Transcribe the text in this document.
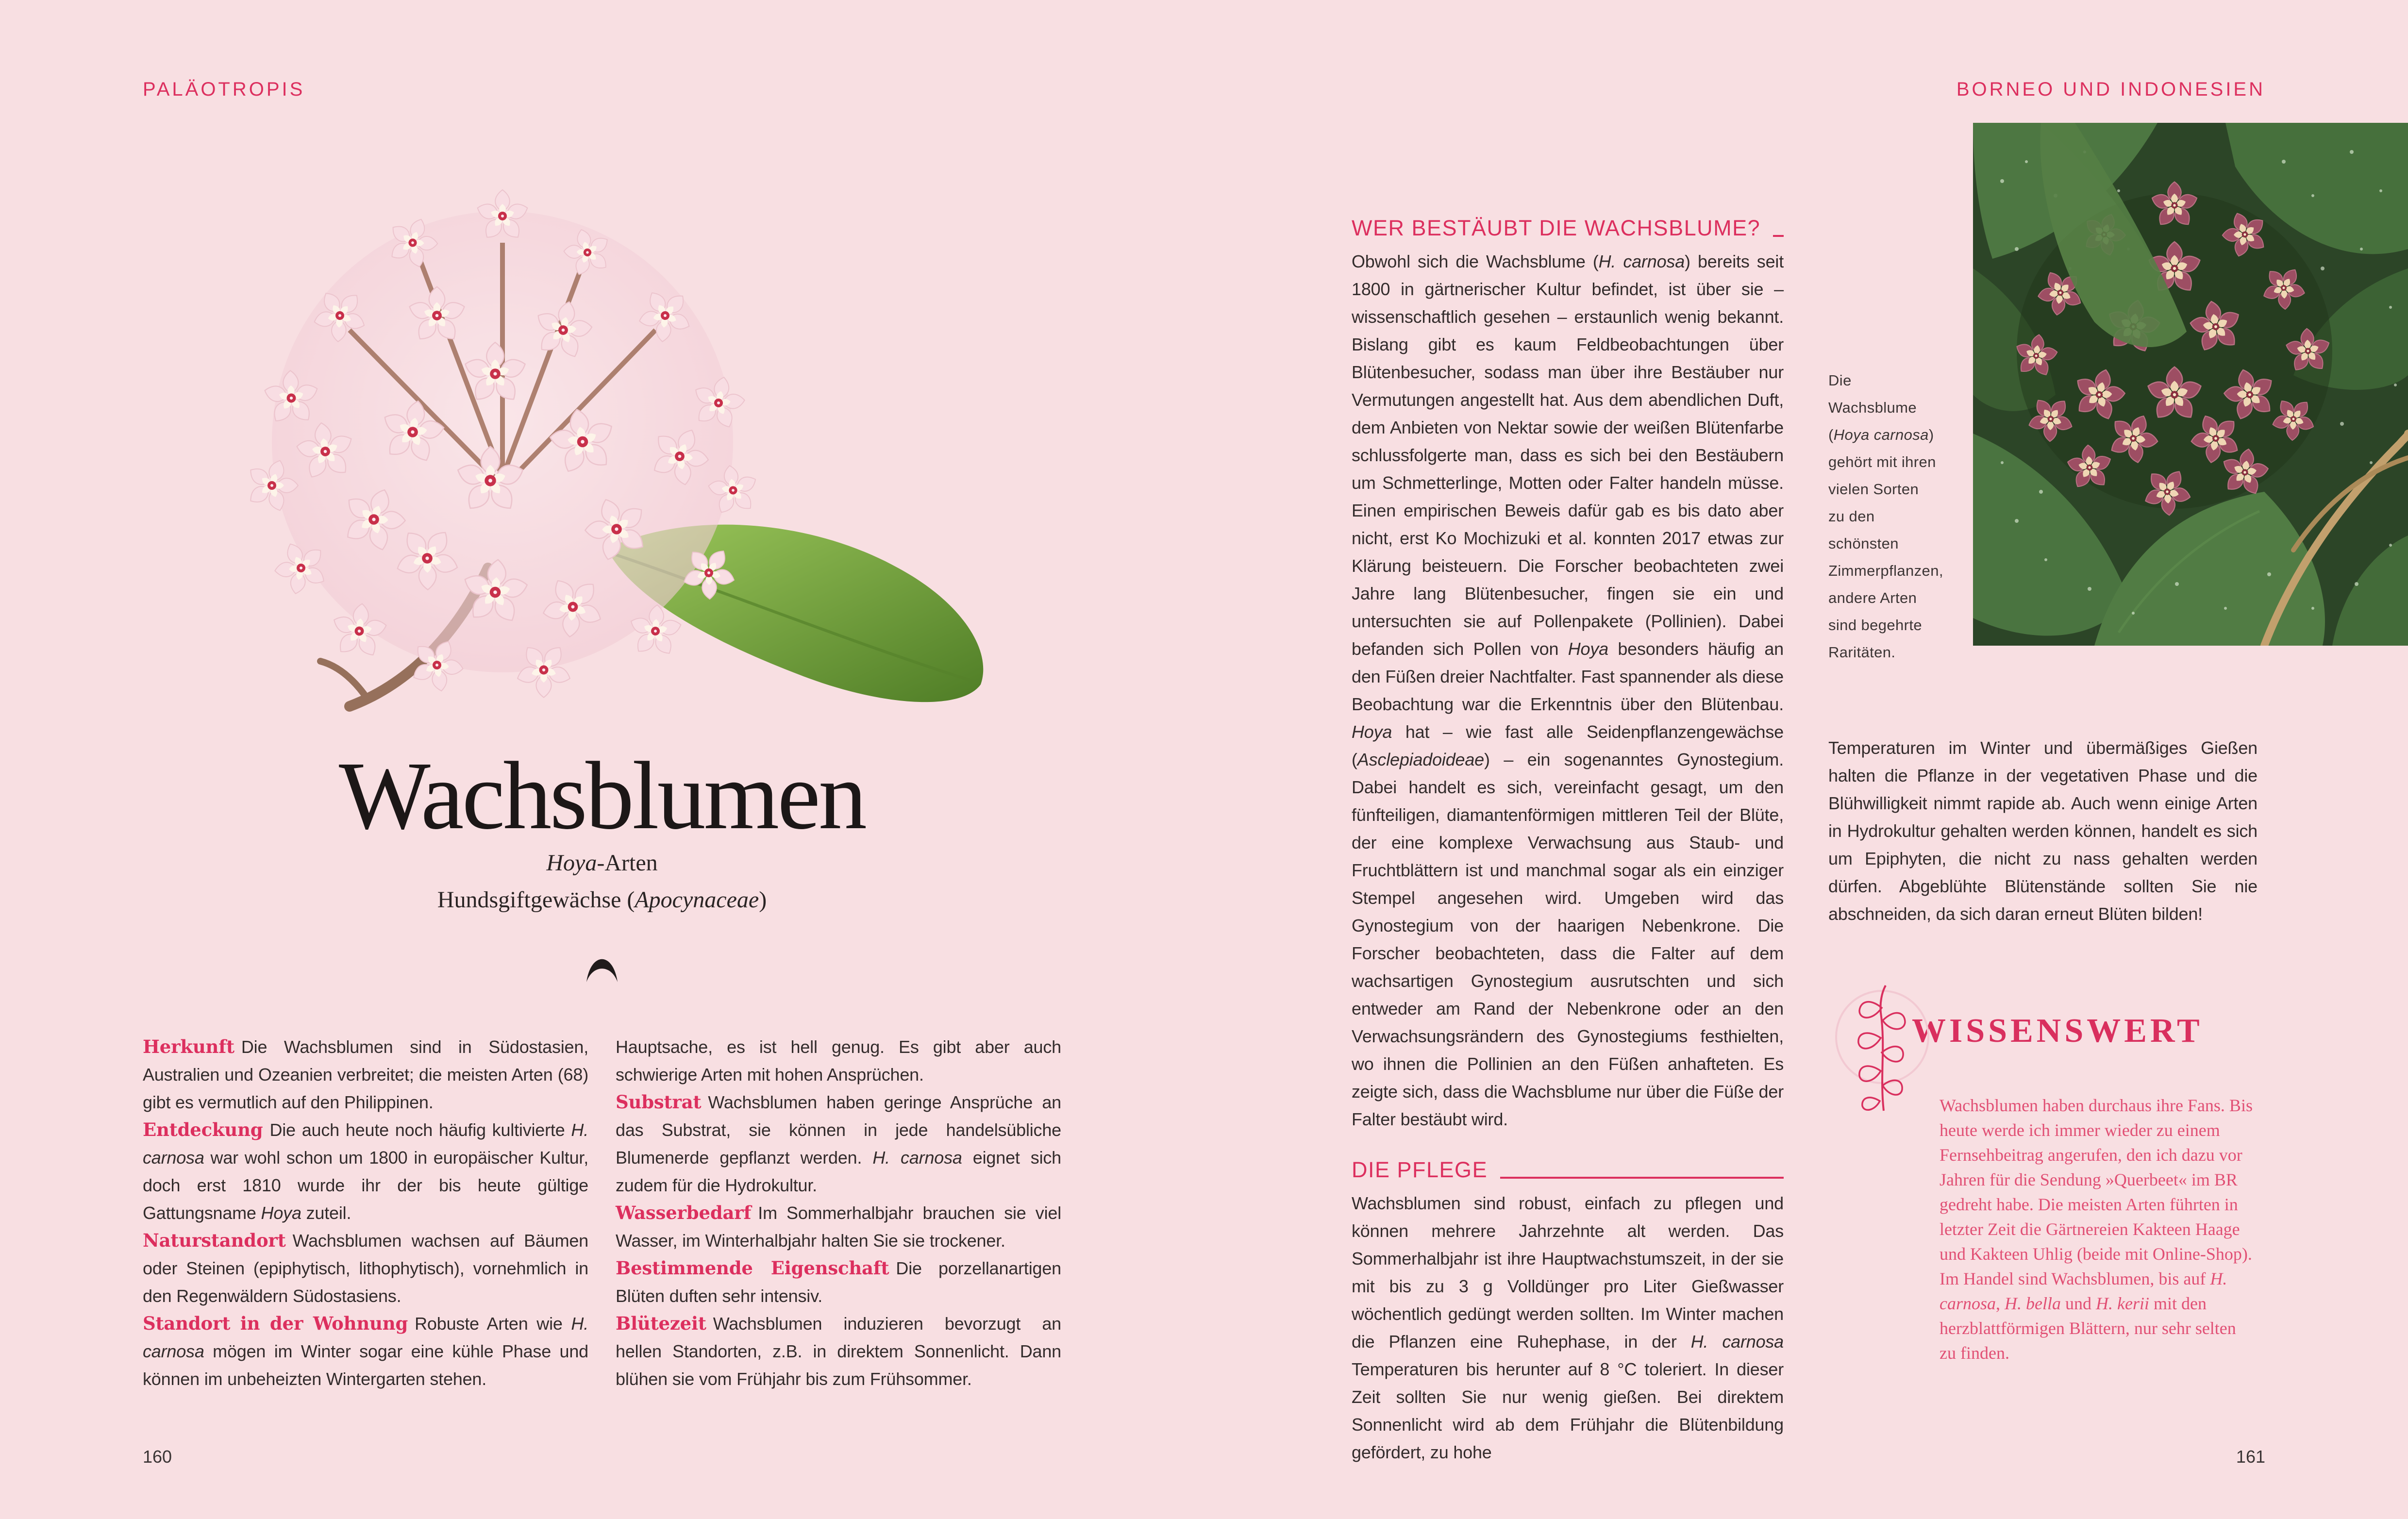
PALÄOTROPIS	BORNEO UND INDONESIEN
Wachsblumen
Hoya-Arten
Hundsgiftgewächse (Apocynaceae)

Herkunft Die Wachsblumen sind in Südostasien, Australien und Ozeanien verbreitet; die meisten Arten (68) gibt es vermutlich auf den Philippinen.

Entdeckung Die auch heute noch häufig kultivierte H. carnosa war wohl schon um 1800 in europäischer Kultur, doch erst 1810 wurde ihr der bis heute gültige Gattungsname Hoya zuteil.

Naturstandort Wachsblumen wachsen auf Bäumen oder Steinen (epiphytisch, lithophytisch), vornehmlich in den Regenwäldern Südostasiens.

Standort in der Wohnung Robuste Arten wie H. carnosa mögen im Winter sogar eine kühle Phase und können im unbeheizten Wintergarten stehen.

Hauptsache, es ist hell genug. Es gibt aber auch schwierige Arten mit hohen Ansprüchen.

Substrat Wachsblumen haben geringe Ansprüche an das Substrat, sie können in jede handelsübliche Blumenerde gepflanzt werden. H. carnosa eignet sich zudem für die Hydrokultur.

Wasserbedarf Im Sommerhalbjahr brauchen sie viel Wasser, im Winterhalbjahr halten Sie sie trockener.

Bestimmende Eigenschaft Die porzellanartigen Blüten duften sehr intensiv.

Blütezeit Wachsblumen induzieren bevorzugt an hellen Standorten, z.B. in direktem Sonnenlicht. Dann blühen sie vom Frühjahr bis zum Frühsommer.

WER BESTÄUBT DIE WACHSBLUME?

Obwohl sich die Wachsblume (H. carnosa) bereits seit 1800 in gärtnerischer Kultur befindet, ist über sie – wissenschaftlich gesehen – erstaunlich wenig bekannt. Bislang gibt es kaum Feldbeobachtungen über Blütenbesucher, sodass man über ihre Bestäuber nur Vermutungen angestellt hat. Aus dem abendlichen Duft, dem Anbieten von Nektar sowie der weißen Blütenfarbe schlussfolgerte man, dass es sich bei den Bestäubern um Schmetterlinge, Motten oder Falter handeln müsse. Einen empirischen Beweis dafür gab es bis dato aber nicht, erst Ko Mochizuki et al. konnten 2017 etwas zur Klärung beisteuern. Die Forscher beobachteten zwei Jahre lang Blütenbesucher, fingen sie ein und untersuchten sie auf Pollenpakete (Pollinien). Dabei befanden sich Pollen von Hoya besonders häufig an den Füßen dreier Nachtfalter. Fast spannender als diese Beobachtung war die Erkenntnis über den Blütenbau. Hoya hat – wie fast alle Seidenpflanzengewächse (Asclepiadoideae) – ein sogenanntes Gynostegium. Dabei handelt es sich, vereinfacht gesagt, um den fünfteiligen, diamantenförmigen mittleren Teil der Blüte, der eine komplexe Verwachsung aus Staub- und Fruchtblättern ist und manchmal sogar als ein einziger Stempel angesehen wird. Umgeben wird das Gynostegium von der haarigen Nebenkrone. Die Forscher beobachteten, dass die Falter auf dem wachsartigen Gynostegium ausrutschten und sich entweder am Rand der Nebenkrone oder an den Verwachsungsrändern des Gynostegiums festhielten, wo ihnen die Pollinien an den Füßen anhafteten. Es zeigte sich, dass die Wachsblume nur über die Füße der Falter bestäubt wird.

DIE PFLEGE

Wachsblumen sind robust, einfach zu pflegen und können mehrere Jahrzehnte alt werden. Das Sommerhalbjahr ist ihre Hauptwachstumszeit, in der sie mit bis zu 3 g Volldünger pro Liter Gießwasser wöchentlich gedüngt werden sollten. Im Winter machen die Pflanzen eine Ruhephase, in der H. carnosa Temperaturen bis herunter auf 8 °C toleriert. In dieser Zeit sollten Sie nur wenig gießen. Bei direktem Sonnenlicht wird ab dem Frühjahr die Blütenbildung gefördert, zu hohe

Die Wachsblume (Hoya carnosa) gehört mit ihren vielen Sorten zu den schönsten Zimmerpflanzen, andere Arten sind begehrte Raritäten.

Temperaturen im Winter und übermäßiges Gießen halten die Pflanze in der vegetativen Phase und die Blühwilligkeit nimmt rapide ab. Auch wenn einige Arten in Hydrokultur gehalten werden können, handelt es sich um Epiphyten, die nicht zu nass gehalten werden dürfen. Abgeblühte Blütenstände sollten Sie nie abschneiden, da sich daran erneut Blüten bilden!

WISSENSWERT
Wachsblumen haben durchaus ihre Fans. Bis heute werde ich immer wieder zu einem Fernsehbeitrag angerufen, den ich dazu vor Jahren für die Sendung »Querbeet« im BR gedreht habe. Die meisten Arten führten in letzter Zeit die Gärtnereien Kakteen Haage und Kakteen Uhlig (beide mit Online-Shop). Im Handel sind Wachsblumen, bis auf H. carnosa, H. bella und H. kerii mit den herzblattförmigen Blättern, nur sehr selten zu finden.
160	161
